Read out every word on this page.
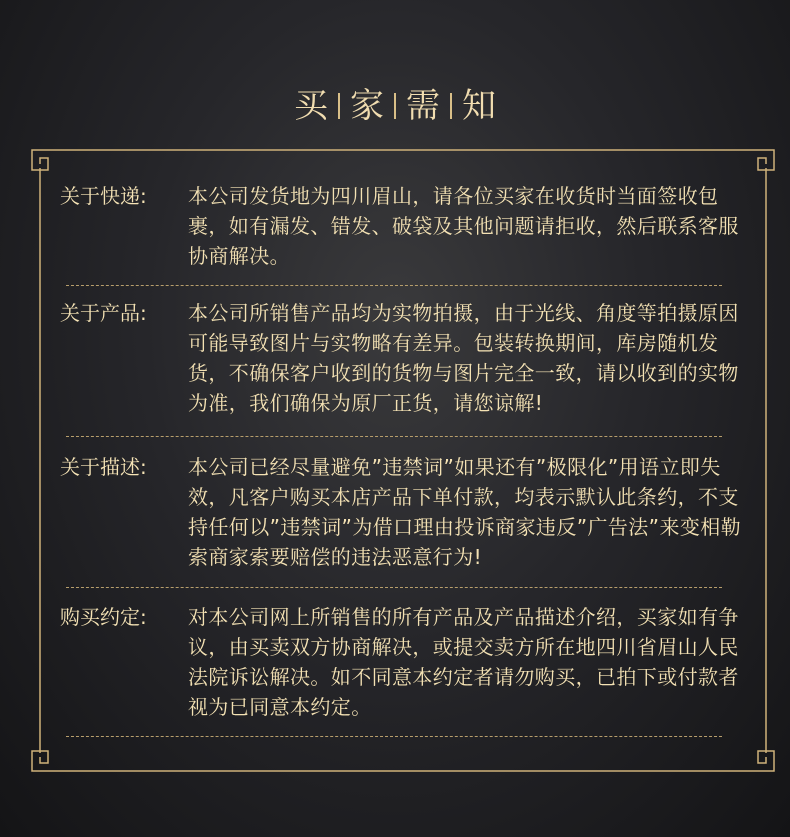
买 家 需 知
关于快递:	本公司发货地为四川眉山，请各位买家在收货时当面签收包裹，如有漏发、错发、破袋及其他问题请拒收，然后联系客服协商解决。
关于产品:	本公司所销售产品均为实物拍摄，由于光线、角度等拍摄原因可能导致图片与实物略有差异。包装转换期间，库房随机发货，不确保客户收到的货物与图片完全一致，请以收到的实物为准，我们确保为原厂正货，请您谅解!
关于描述:	本公司已经尽量避免”违禁词”如果还有”极限化”用语立即失效，凡客户购买本店产品下单付款，均表示默认此条约，不支持任何以”违禁词”为借口理由投诉商家违反”广告法”来变相勒索商家索要赔偿的违法恶意行为!
购买约定:	对本公司网上所销售的所有产品及产品描述介绍，买家如有争议，由买卖双方协商解决，或提交卖方所在地四川省眉山人民法院诉讼解决。如不同意本约定者请勿购买，已拍下或付款者视为已同意本约定。
